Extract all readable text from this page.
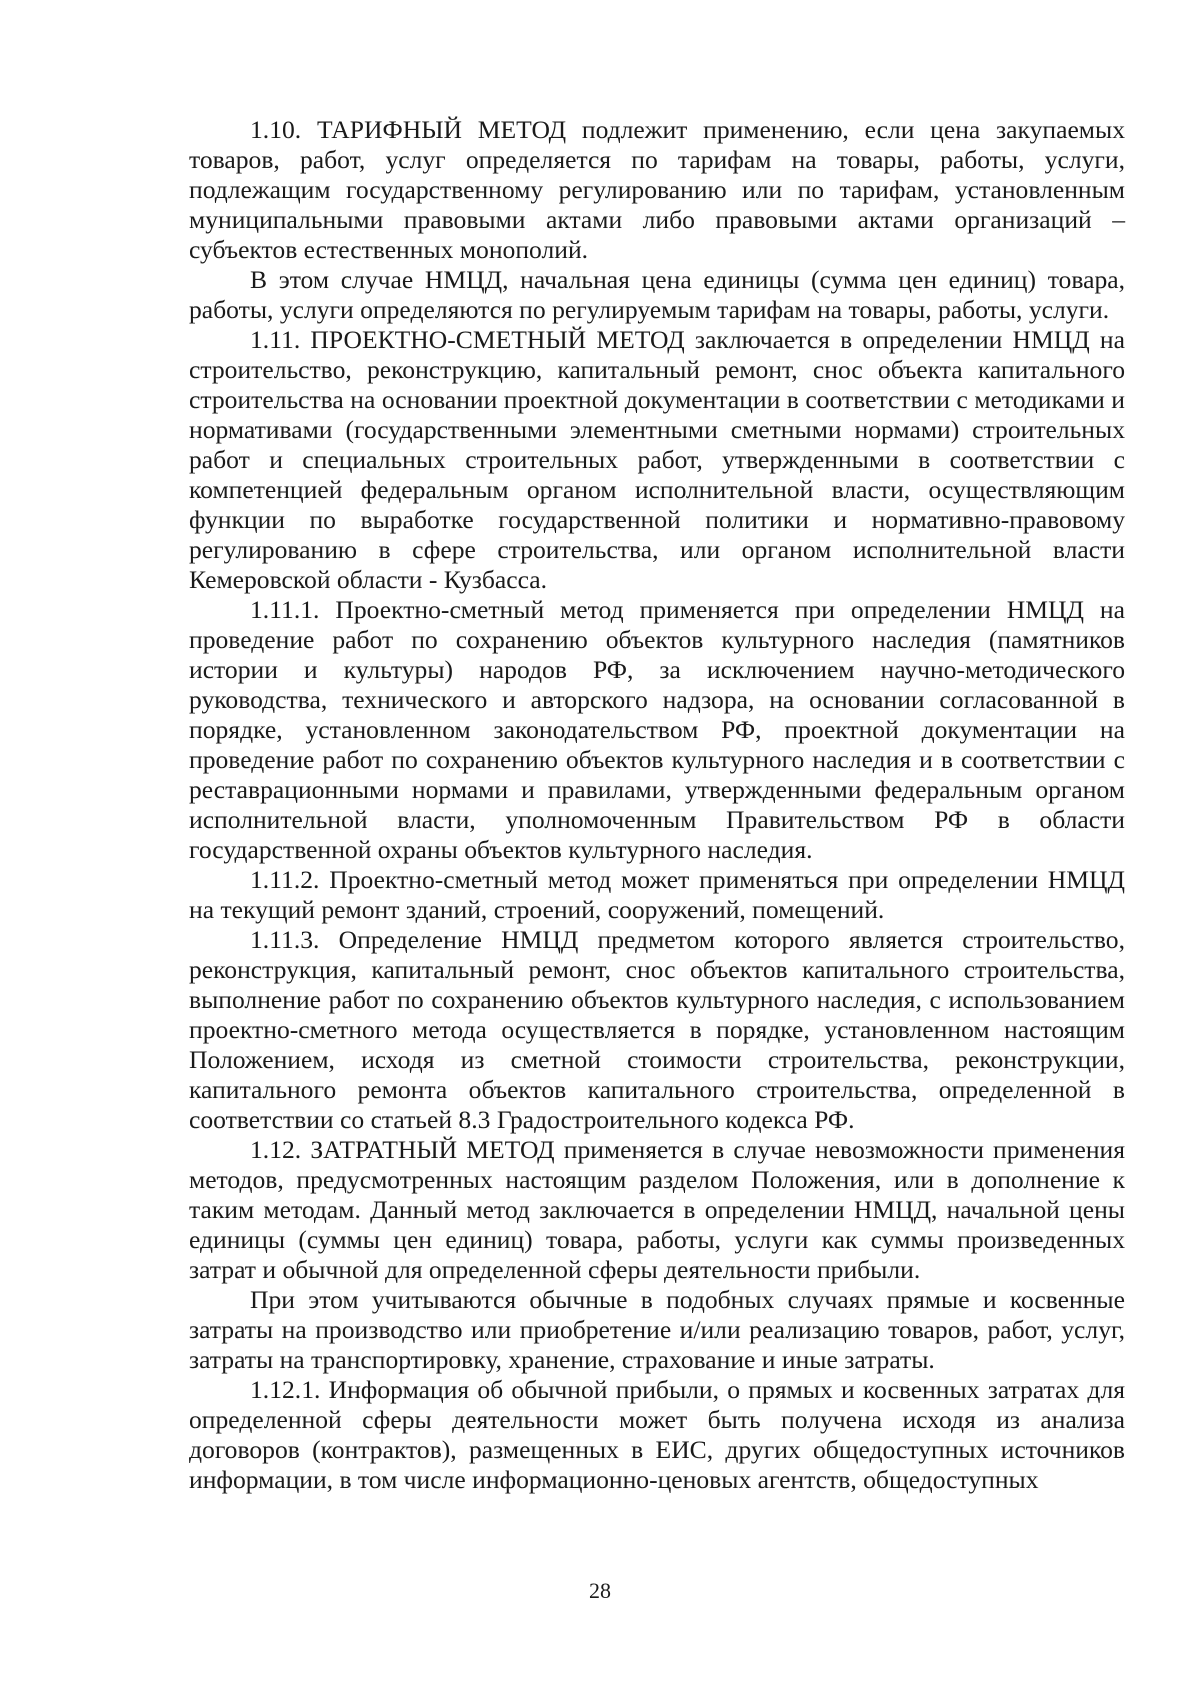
1.10. ТАРИФНЫЙ МЕТОД подлежит применению, если цена закупаемых товаров, работ, услуг определяется по тарифам на товары, работы, услуги, подлежащим государственному регулированию или по тарифам, установленным муниципальными правовыми актами либо правовыми актами организаций – субъектов естественных монополий.

В этом случае НМЦД, начальная цена единицы (сумма цен единиц) товара, работы, услуги определяются по регулируемым тарифам на товары, работы, услуги.

1.11. ПРОЕКТНО-СМЕТНЫЙ МЕТОД заключается в определении НМЦД на строительство, реконструкцию, капитальный ремонт, снос объекта капитального строительства на основании проектной документации в соответствии с методиками и нормативами (государственными элементными сметными нормами) строительных работ и специальных строительных работ, утвержденными в соответствии с компетенцией федеральным органом исполнительной власти, осуществляющим функции по выработке государственной политики и нормативно-правовому регулированию в сфере строительства, или органом исполнительной власти Кемеровской области - Кузбасса.

1.11.1. Проектно-сметный метод применяется при определении НМЦД на проведение работ по сохранению объектов культурного наследия (памятников истории и культуры) народов РФ, за исключением научно-методического руководства, технического и авторского надзора, на основании согласованной в порядке, установленном законодательством РФ, проектной документации на проведение работ по сохранению объектов культурного наследия и в соответствии с реставрационными нормами и правилами, утвержденными федеральным органом исполнительной власти, уполномоченным Правительством РФ в области государственной охраны объектов культурного наследия.

1.11.2. Проектно-сметный метод может применяться при определении НМЦД на текущий ремонт зданий, строений, сооружений, помещений.

1.11.3. Определение НМЦД предметом которого является строительство, реконструкция, капитальный ремонт, снос объектов капитального строительства, выполнение работ по сохранению объектов культурного наследия, с использованием проектно-сметного метода осуществляется в порядке, установленном настоящим Положением, исходя из сметной стоимости строительства, реконструкции, капитального ремонта объектов капитального строительства, определенной в соответствии со статьей 8.3 Градостроительного кодекса РФ.

1.12. ЗАТРАТНЫЙ МЕТОД применяется в случае невозможности применения методов, предусмотренных настоящим разделом Положения, или в дополнение к таким методам. Данный метод заключается в определении НМЦД, начальной цены единицы (суммы цен единиц) товара, работы, услуги как суммы произведенных затрат и обычной для определенной сферы деятельности прибыли.

При этом учитываются обычные в подобных случаях прямые и косвенные затраты на производство или приобретение и/или реализацию товаров, работ, услуг, затраты на транспортировку, хранение, страхование и иные затраты.

1.12.1. Информация об обычной прибыли, о прямых и косвенных затратах для определенной сферы деятельности может быть получена исходя из анализа договоров (контрактов), размещенных в ЕИС, других общедоступных источников информации, в том числе информационно-ценовых агентств, общедоступных

28
